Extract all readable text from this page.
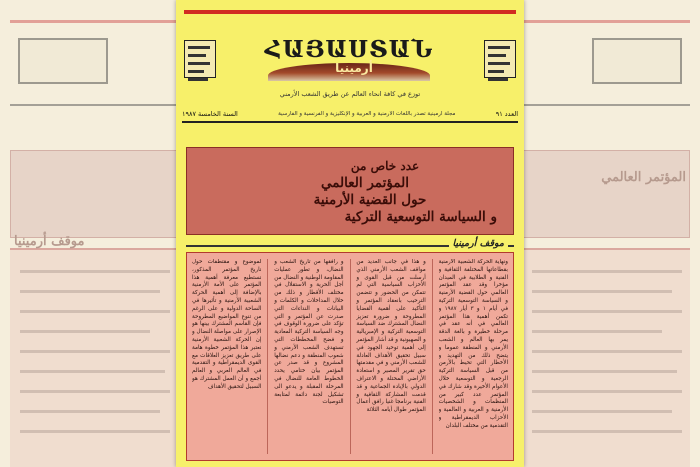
موقف أرمينيا
المؤتمر العالمي
ՀԱՅԱՍՏԱՆ
أرمينيا
توزع في كافة انحاء العالم عن طريق الشعب الأرمني
العدد ٩١
مجلة أرمينية تصدر باللغات الأرمنية و العربية و الإنكليزية و الفرنسية و الفارسية
السنة الخامسة ١٩٨٧
عدد خاص من
المؤتمر العالمي
حول القضية الأرمنية
و السياسة التوسعية التركية
موقف أرمينيا
ونهاية الحركة الشعبية الأرمنية بقطاعاتها المختلفة الثقافية و الفنية و الطلابية في الميدان مؤخرا وقد عقد المؤتمر العالمي حول القضية الأرمنية و السياسة التوسعية التركية في أيام ١ و ٣ أيار ١٩٨٧ و تكمن أهمية هذا المؤتمر العالمي في أنه عقد في مرحلة خطيرة و بالغة الدقة يمر بها العالم و الشعب الأرمني و المنطقة عموما و يتضح ذلك من التهديد و الأخطار التي تحيط بالأرمن من قبل السياسة التركية الرجعية و التوسعية خلال الأعوام الأخيرة وقد شارك في المؤتمر عدد كبير من المنظمات و الشخصيات الأرمنية و العربية و العالمية و الأحزاب الديمقراطية و التقدمية من مختلف البلدان
و هذا في جانب العديد من مواقف الشعب الأرمني الذي أرسلت من قبل القوى و الأحزاب السياسية التي لم تتمكن من الحضور و تتضمن الترحيب بانعقاد المؤتمر و التأكيد على أهمية القضايا المطروحة و ضرورة تعزيز النضال المشترك ضد السياسة التوسعية التركية و الإمبريالية و الصهيونية و قد أشار المؤتمر إلى أهمية توحيد الجهود في سبيل تحقيق الأهداف العادلة للشعب الأرمني و في مقدمتها حق تقرير المصير و استعادة الأراضي المحتلة و الاعتراف الدولي بالإبادة الجماعية و قد قدمت المشاركة الثقافية و الفنية برنامجا غنيا رافق أعمال المؤتمر طوال أيامه الثلاثة
و رافقها من تاريخ الشعب و النضال، و تطور عمليات المقاومة الوطنية و النضال من أجل الحرية و الاستقلال في مختلف الأقطار و ذلك من خلال المداخلات و الكلمات و البيانات و النداءات التي صدرت عن المؤتمر و التي تؤكد على ضرورة الوقوف في وجه السياسة التركية المعادية و فضح المخططات التي تستهدف الشعب الأرمني و شعوب المنطقة و دعم نضالها المشروع و قد صدر عن المؤتمر بيان ختامي يحدد الخطوط العامة للنضال في المرحلة المقبلة و يدعو الى تشكيل لجنة دائمة لمتابعة التوصيات
لموضوع و مقتطفات حول تاريخ المؤتمر المذكور، تستطيع معرفة أهمية هذا المؤتمر على الأمة الأرمنية بالإضافة إلى أهمية الحركة الشعبية الأرمنية و تأثيرها في الساحة الدولية و على الرغم من تنوع المواضيع المطروحة فإن القاسم المشترك بينها هو الإصرار على مواصلة النضال و إن الحركة الشعبية الأرمنية تعتبر هذا المؤتمر خطوة هامة على طريق تعزيز العلاقات مع القوى الديمقراطية و التقدمية في العالم العربي و العالم أجمع و أن العمل المشترك هو السبيل لتحقيق الأهداف
